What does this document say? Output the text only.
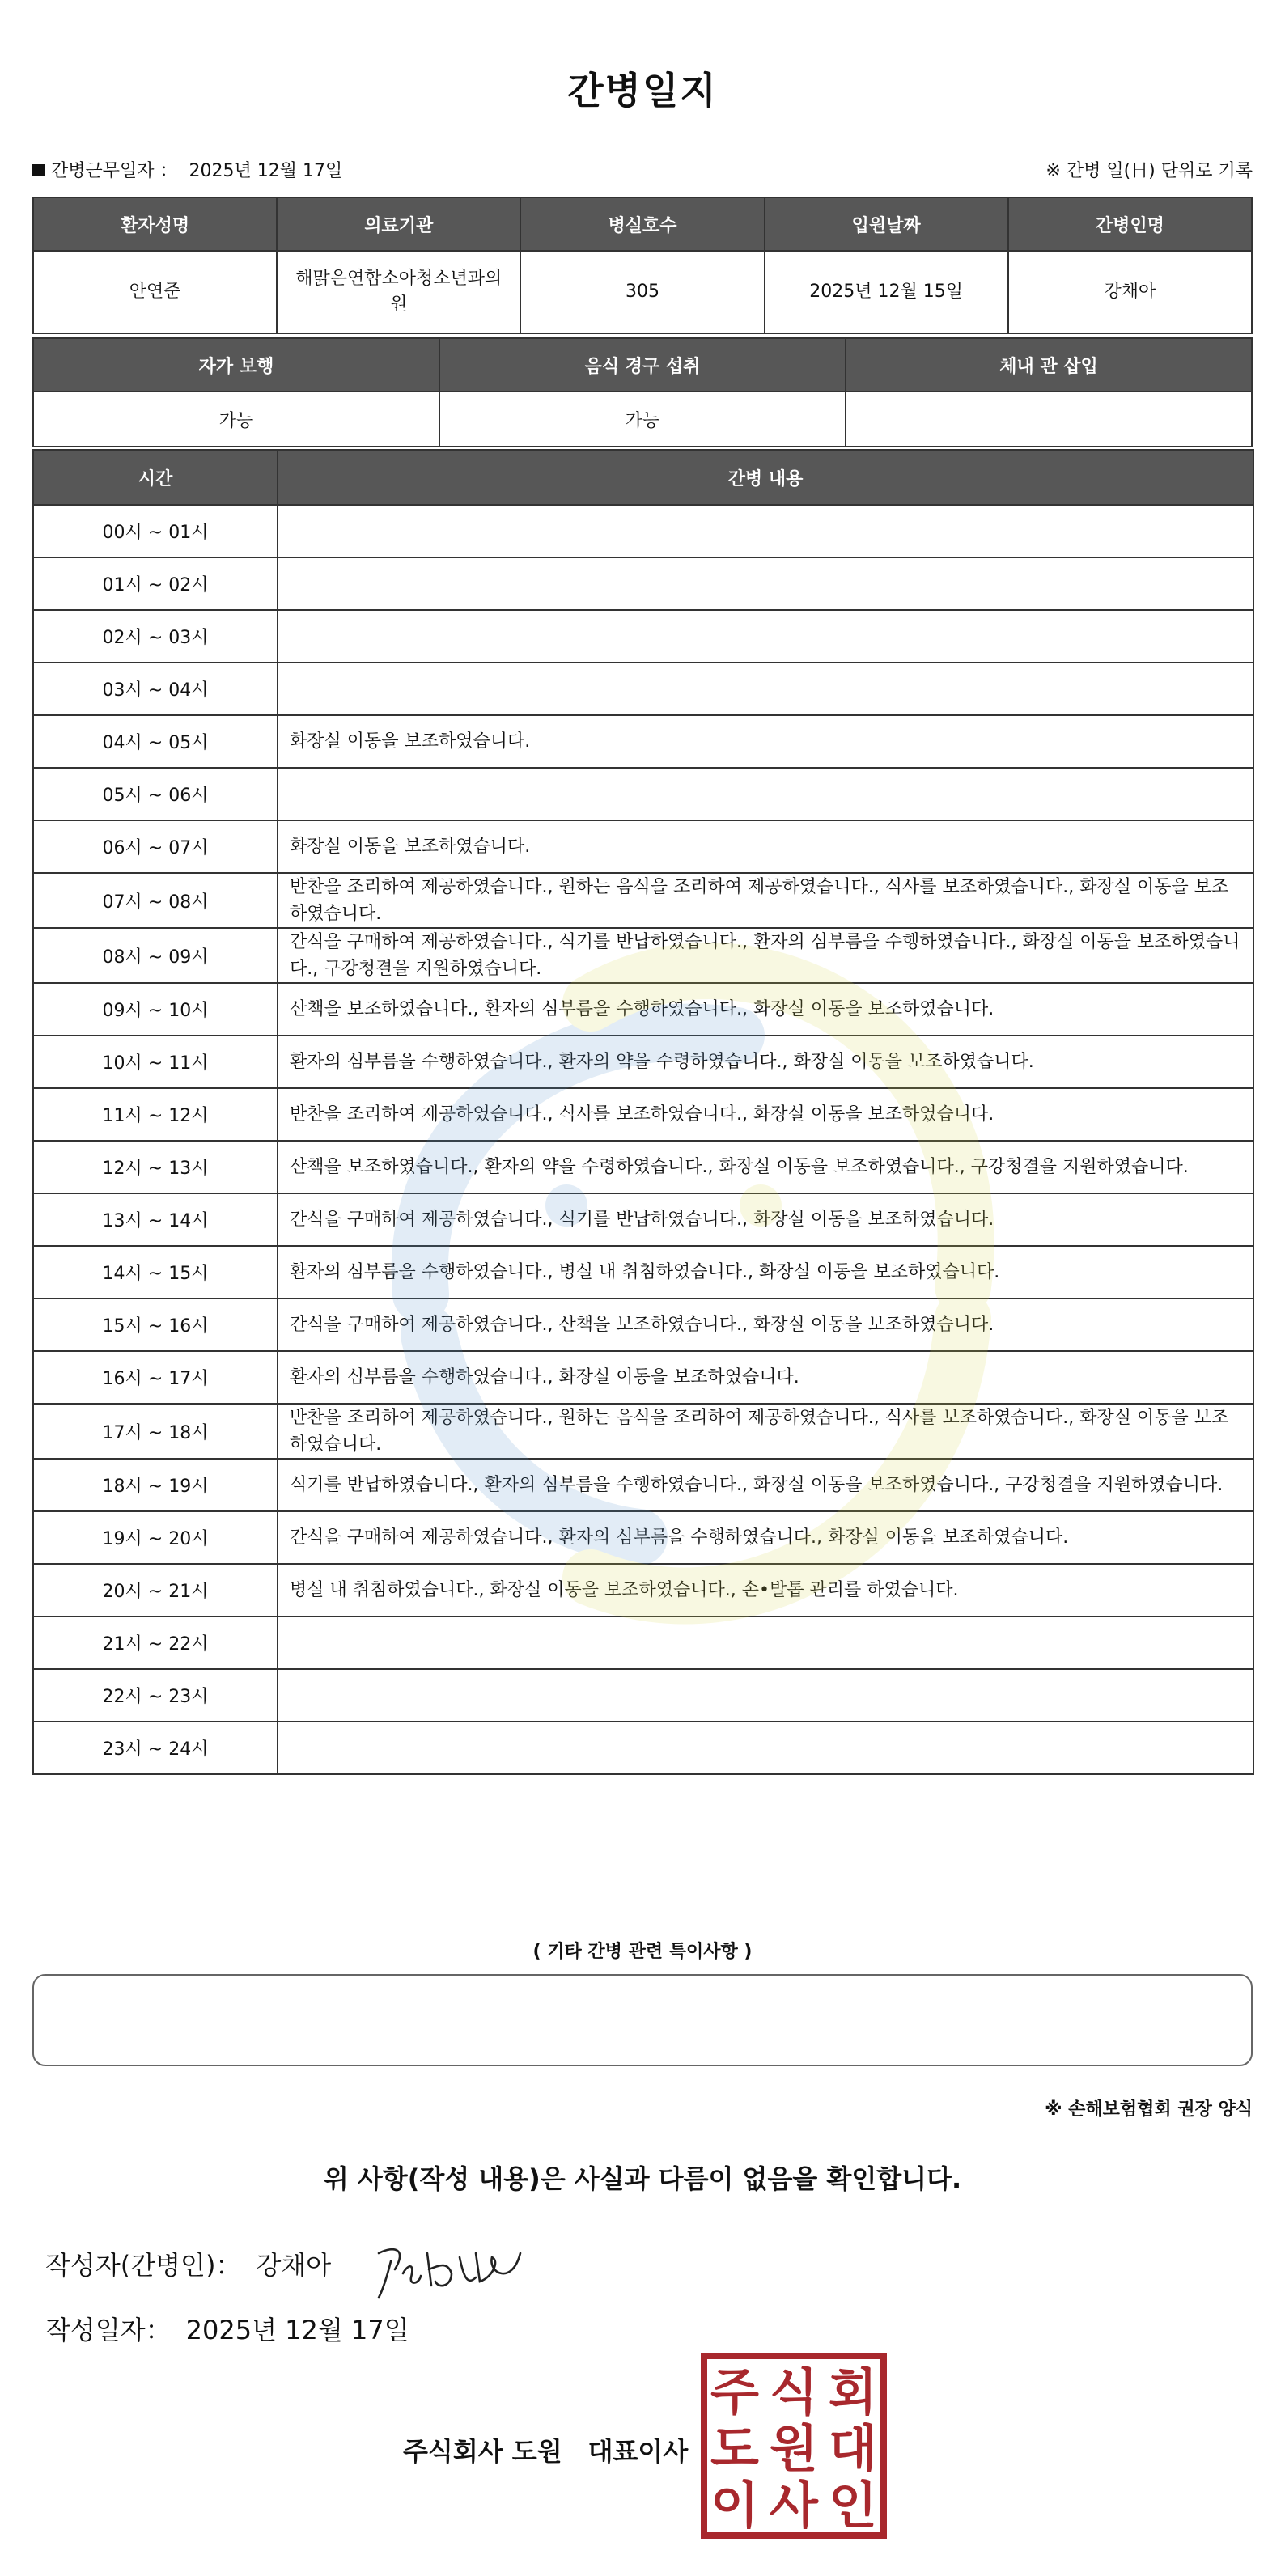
간병일지
간병근무일자 ： 2025년 12월 17일	※ 간병 일(日) 단위로 기록
환자성명	의료기관	병실호수	입원날짜	간병인명
안연준	해맑은연합소아청소년과의원	305	2025년 12월 15일	강채아
자가 보행	음식 경구 섭취	체내 관 삽입
가능	가능	
시간	간병 내용
00시 ~ 01시	
01시 ~ 02시	
02시 ~ 03시	
03시 ~ 04시	
04시 ~ 05시	화장실 이동을 보조하였습니다.
05시 ~ 06시	
06시 ~ 07시	화장실 이동을 보조하였습니다.
07시 ~ 08시	반찬을 조리하여 제공하였습니다., 원하는 음식을 조리하여 제공하였습니다., 식사를 보조하였습니다., 화장실 이동을 보조하였습니다.
08시 ~ 09시	간식을 구매하여 제공하였습니다., 식기를 반납하였습니다., 환자의 심부름을 수행하였습니다., 화장실 이동을 보조하였습니다., 구강청결을 지원하였습니다.
09시 ~ 10시	산책을 보조하였습니다., 환자의 심부름을 수행하였습니다., 화장실 이동을 보조하였습니다.
10시 ~ 11시	환자의 심부름을 수행하였습니다., 환자의 약을 수령하였습니다., 화장실 이동을 보조하였습니다.
11시 ~ 12시	반찬을 조리하여 제공하였습니다., 식사를 보조하였습니다., 화장실 이동을 보조하였습니다.
12시 ~ 13시	산책을 보조하였습니다., 환자의 약을 수령하였습니다., 화장실 이동을 보조하였습니다., 구강청결을 지원하였습니다.
13시 ~ 14시	간식을 구매하여 제공하였습니다., 식기를 반납하였습니다., 화장실 이동을 보조하였습니다.
14시 ~ 15시	환자의 심부름을 수행하였습니다., 병실 내 취침하였습니다., 화장실 이동을 보조하였습니다.
15시 ~ 16시	간식을 구매하여 제공하였습니다., 산책을 보조하였습니다., 화장실 이동을 보조하였습니다.
16시 ~ 17시	환자의 심부름을 수행하였습니다., 화장실 이동을 보조하였습니다.
17시 ~ 18시	반찬을 조리하여 제공하였습니다., 원하는 음식을 조리하여 제공하였습니다., 식사를 보조하였습니다., 화장실 이동을 보조하였습니다.
18시 ~ 19시	식기를 반납하였습니다., 환자의 심부름을 수행하였습니다., 화장실 이동을 보조하였습니다., 구강청결을 지원하였습니다.
19시 ~ 20시	간식을 구매하여 제공하였습니다., 환자의 심부름을 수행하였습니다., 화장실 이동을 보조하였습니다.
20시 ~ 21시	병실 내 취침하였습니다., 화장실 이동을 보조하였습니다., 손•발톱 관리를 하였습니다.
21시 ~ 22시	
22시 ~ 23시	
23시 ~ 24시	
( 기타 간병 관련 특이사항 )
※ 손해보험협회 권장 양식
위 사항(작성 내용)은 사실과 다름이 없음을 확인합니다.
작성자(간병인)： 강채아
작성일자： 2025년 12월 17일
주식회사 도원　대표이사
주 식 회
도 원 대
이 사 인
